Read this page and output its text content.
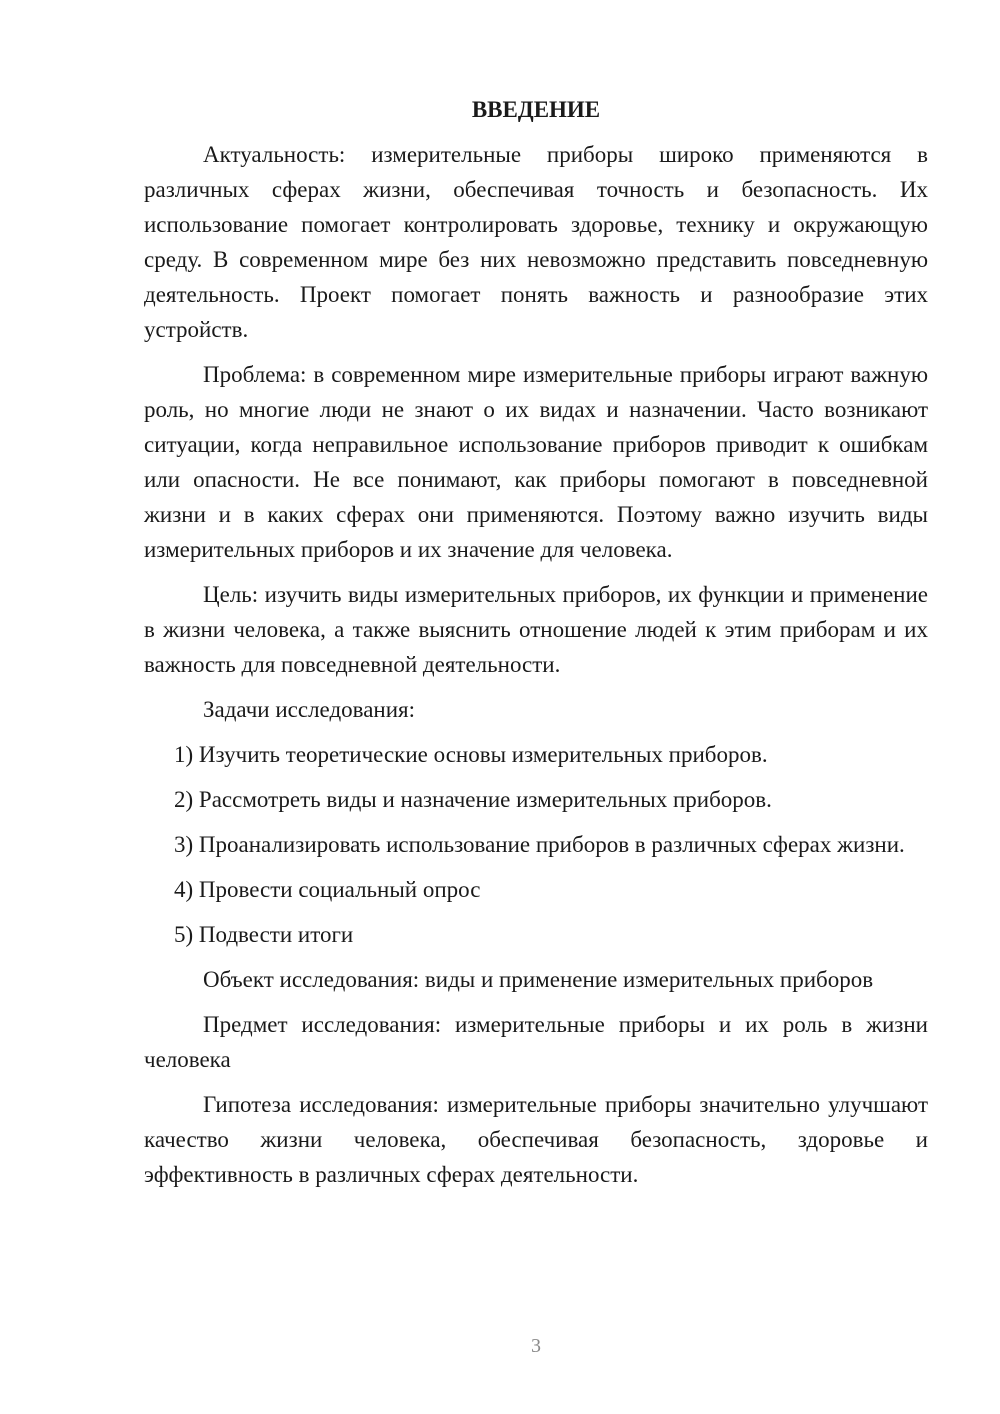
ВВЕДЕНИЕ

Актуальность: измерительные приборы широко применяются в различных сферах жизни, обеспечивая точность и безопасность. Их использование помогает контролировать здоровье, технику и окружающую среду. В современном мире без них невозможно представить повседневную деятельность. Проект помогает понять важность и разнообразие этих устройств.

Проблема: в современном мире измерительные приборы играют важную роль, но многие люди не знают о их видах и назначении. Часто возникают ситуации, когда неправильное использование приборов приводит к ошибкам или опасности. Не все понимают, как приборы помогают в повседневной жизни и в каких сферах они применяются. Поэтому важно изучить виды измерительных приборов и их значение для человека.

Цель: изучить виды измерительных приборов, их функции и применение в жизни человека, а также выяснить отношение людей к этим приборам и их важность для повседневной деятельности.

Задачи исследования:

1) Изучить теоретические основы измерительных приборов.

2) Рассмотреть виды и назначение измерительных приборов.

3) Проанализировать использование приборов в различных сферах жизни.

4) Провести социальный опрос

5) Подвести итоги

Объект исследования: виды и применение измерительных приборов

Предмет исследования: измерительные приборы и их роль в жизни человека

Гипотеза исследования: измерительные приборы значительно улучшают качество жизни человека, обеспечивая безопасность, здоровье и эффективность в различных сферах деятельности.

3
